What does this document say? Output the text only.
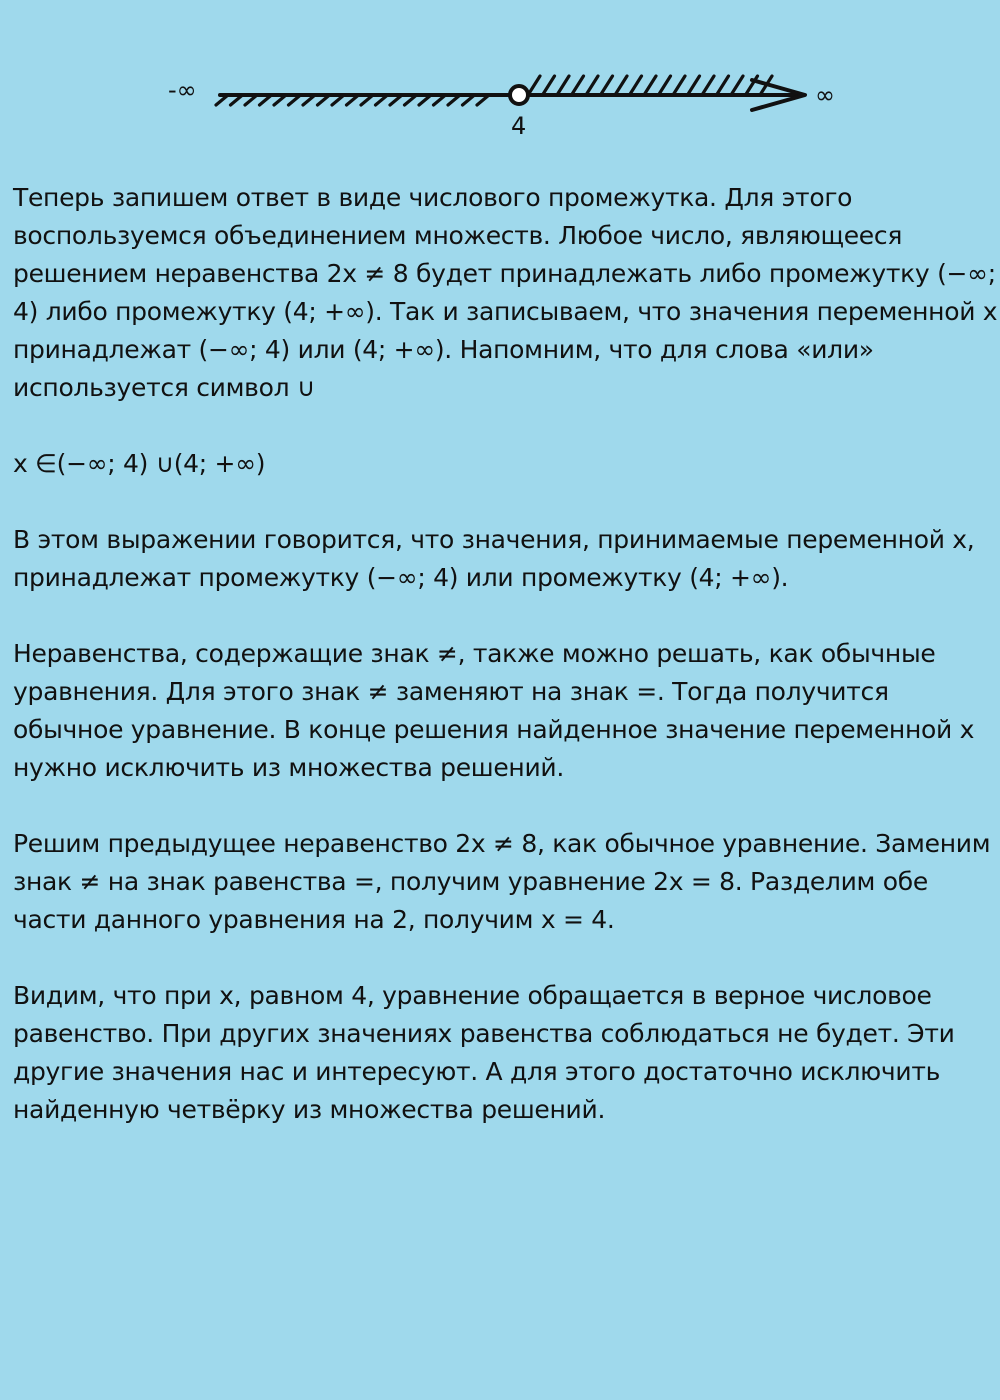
-∞	∞
4

Теперь запишем ответ в виде числового промежутка. Для этого воспользуемся объединением множеств. Любое число, являющееся решением неравенства 2x ≠ 8 будет принадлежать либо промежутку (−∞; 4) либо промежутку (4; +∞). Так и записываем, что значения переменной x принадлежат (−∞; 4) или (4; +∞). Напомним, что для слова «или» используется символ ∪

x ∈(−∞; 4) ∪(4; +∞)

В этом выражении говорится, что значения, принимаемые переменной x, принадлежат промежутку (−∞; 4) или промежутку (4; +∞).

Неравенства, содержащие знак ≠, также можно решать, как обычные уравнения. Для этого знак ≠ заменяют на знак =. Тогда получится обычное уравнение. В конце решения найденное значение переменной x нужно исключить из множества решений.

Решим предыдущее неравенство 2x ≠ 8, как обычное уравнение. Заменим знак ≠ на знак равенства =, получим уравнение 2x = 8. Разделим обе части данного уравнения на 2, получим x = 4.

Видим, что при x, равном 4, уравнение обращается в верное числовое равенство. При других значениях равенства соблюдаться не будет. Эти другие значения нас и интересуют. А для этого достаточно исключить найденную четвёрку из множества решений.
